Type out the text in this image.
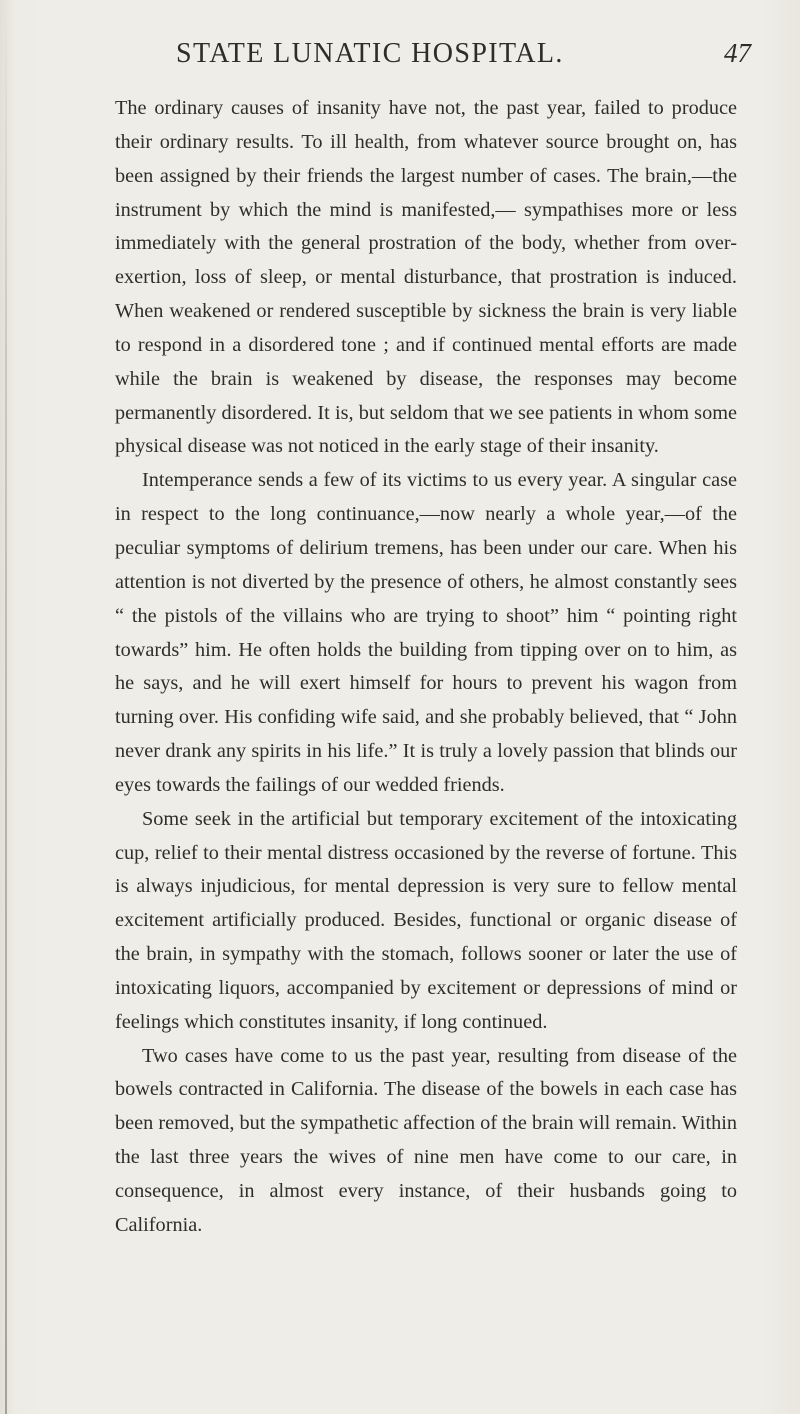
STATE LUNATIC HOSPITAL.	47

The ordinary causes of insanity have not, the past year, failed to produce their ordinary results. To ill health, from whatever source brought on, has been assigned by their friends the largest number of cases. The brain,—the instrument by which the mind is manifested,— sympathises more or less immediately with the general prostration of the body, whether from over-exertion, loss of sleep, or mental disturbance, that prostration is induced. When weakened or rendered susceptible by sickness the brain is very liable to respond in a disordered tone ; and if continued mental efforts are made while the brain is weakened by disease, the responses may become permanently disordered. It is, but seldom that we see patients in whom some physical disease was not noticed in the early stage of their insanity.

Intemperance sends a few of its victims to us every year. A singular case in respect to the long continuance,—now nearly a whole year,—of the peculiar symptoms of delirium tremens, has been under our care. When his attention is not diverted by the presence of others, he almost constantly sees “ the pistols of the villains who are trying to shoot” him “ pointing right towards” him. He often holds the building from tipping over on to him, as he says, and he will exert himself for hours to prevent his wagon from turning over. His confiding wife said, and she probably believed, that “ John never drank any spirits in his life.” It is truly a lovely passion that blinds our eyes towards the failings of our wedded friends.

Some seek in the artificial but temporary excitement of the intoxicating cup, relief to their mental distress occasioned by the reverse of fortune. This is always injudicious, for mental depression is very sure to fellow mental excitement artificially produced. Besides, functional or organic disease of the brain, in sympathy with the stomach, follows sooner or later the use of intoxicating liquors, accompanied by excitement or depressions of mind or feelings which constitutes insanity, if long continued.

Two cases have come to us the past year, resulting from disease of the bowels contracted in California. The disease of the bowels in each case has been removed, but the sympathetic affection of the brain will remain. Within the last three years the wives of nine men have come to our care, in consequence, in almost every instance, of their husbands going to California.
